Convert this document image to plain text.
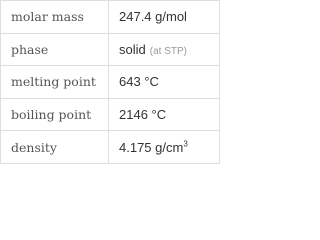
molar mass	247.4 g/mol
phase	solid (at STP)
melting point	643 °C
boiling point	2146 °C
density	4.175 $g/cm^3$
